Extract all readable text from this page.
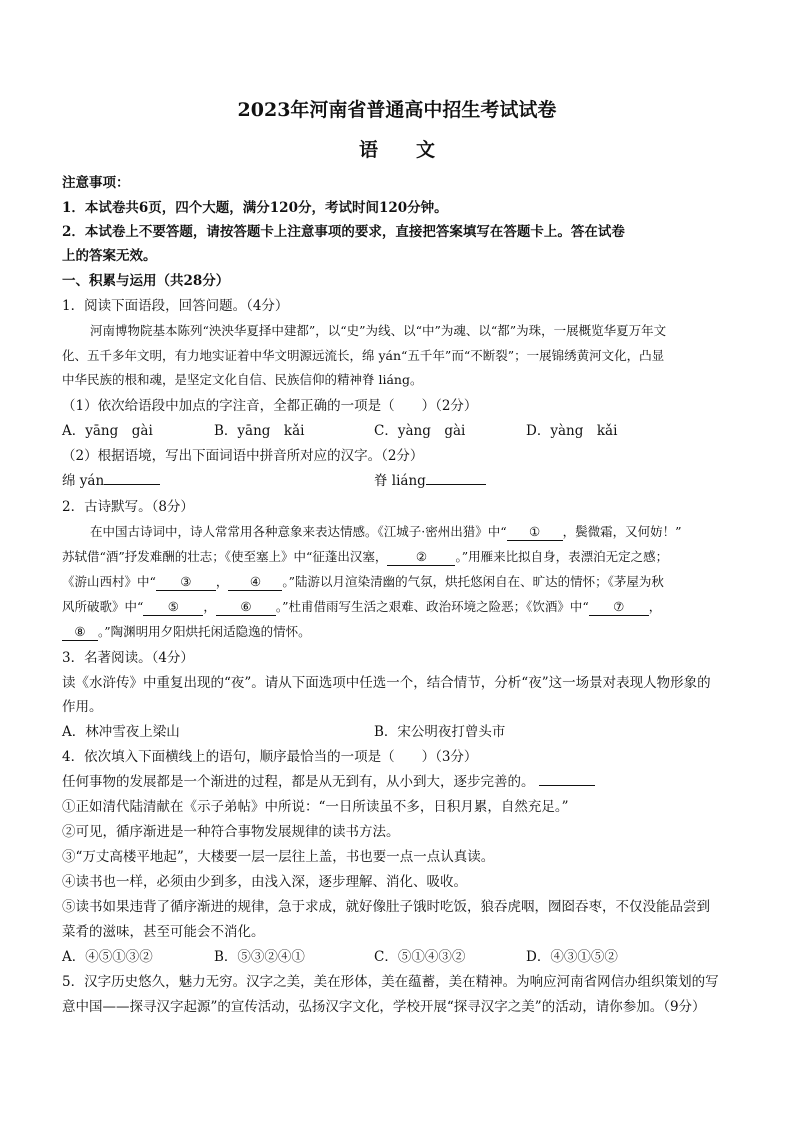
2023年河南省普通高中招生考试试卷
语　　文
注意事项：
1．本试卷共6页，四个大题，满分120分，考试时间120分钟。
2．本试卷上不要答题，请按答题卡上注意事项的要求，直接把答案填写在答题卡上。答在试卷
上的答案无效。
一、积累与运用（共28分）
1．阅读下面语段，回答问题。（4分）
河南博物院基本陈列“泱泱华夏择中建都”，以“史”为线、以“中”为魂、以“都”为珠，一展概览华夏万年文
化、五千多年文明，有力地实证着中华文明源远流长，绵 yán“五千年”而“不断裂”；一展锦绣黄河文化，凸显
中华民族的根和魂，是坚定文化自信、民族信仰的精神脊 liáng。
（1）依次给语段中加点的字注音，全都正确的一项是（　　）（2分）
A．yāng　gài	B．yāng　kǎi	C．yàng　gài	D．yàng　kǎi
（2）根据语境，写出下面词语中拼音所对应的汉字。（2分）
绵 yán	脊 liáng
2．古诗默写。（8分）
在中国古诗词中，诗人常常用各种意象来表达情感。《江城子·密州出猎》中“ ① ，鬓微霜，又何妨！”
苏轼借“酒”抒发难酬的壮志；《使至塞上》中“征蓬出汉塞， ② 。”用雁来比拟自身，表漂泊无定之感；
《游山西村》中“ ③ ， ④ 。”陆游以月渲染清幽的气氛，烘托悠闲自在、旷达的情怀；《茅屋为秋
风所破歌》中“ ⑤ ， ⑥ 。”杜甫借雨写生活之艰难、政治环境之险恶；《饮酒》中“ ⑦ ，
⑧ 。”陶渊明用夕阳烘托闲适隐逸的情怀。
3．名著阅读。（4分）
读《水浒传》中重复出现的“夜”。请从下面选项中任选一个，结合情节，分析“夜”这一场景对表现人物形象的
作用。
A．林冲雪夜上梁山	B．宋公明夜打曾头市
4．依次填入下面横线上的语句，顺序最恰当的一项是（　　）（3分）
任何事物的发展都是一个渐进的过程，都是从无到有，从小到大，逐步完善的。
①正如清代陆清献在《示子弟帖》中所说：“一日所读虽不多，日积月累，自然充足。”
②可见，循序渐进是一种符合事物发展规律的读书方法。
③“万丈高楼平地起”，大楼要一层一层往上盖，书也要一点一点认真读。
④读书也一样，必须由少到多，由浅入深，逐步理解、消化、吸收。
⑤读书如果违背了循序渐进的规律，急于求成，就好像肚子饿时吃饭，狼吞虎咽，囫囵吞枣，不仅没能品尝到
菜肴的滋味，甚至可能会不消化。
A．④⑤①③②	B．⑤③②④①	C．⑤①④③②	D．④③①⑤②
5．汉字历史悠久，魅力无穷。汉字之美，美在形体，美在蕴蓄，美在精神。为响应河南省网信办组织策划的写
意中国——探寻汉字起源”的宣传活动，弘扬汉字文化，学校开展“探寻汉字之美”的活动，请你参加。（9分）
